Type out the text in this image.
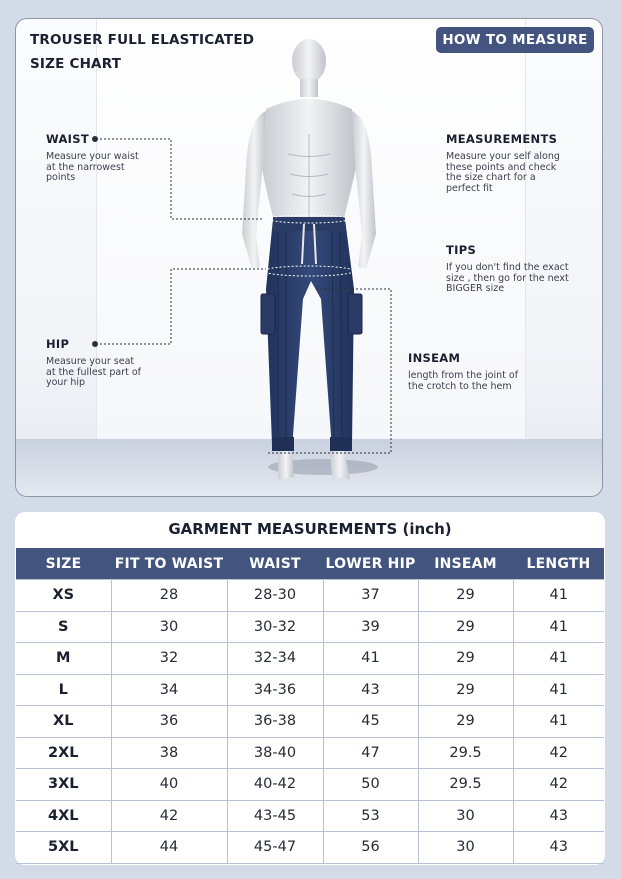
TROUSER FULL ELASTICATED
SIZE CHART
HOW TO MEASURE
WAIST
Measure your waist
at the narrowest
points
HIP
Measure your seat
at the fullest part of
your hip
MEASUREMENTS
Measure your self along
these points and check
the size chart for a
perfect fit
TIPS
If you don't find the exact
size , then go for the next
BIGGER size
INSEAM
length from the joint of
the crotch to the hem
GARMENT MEASUREMENTS (inch)
SIZE	FIT TO WAIST	WAIST	LOWER HIP	INSEAM	LENGTH
XS	28	28-30	37	29	41
S	30	30-32	39	29	41
M	32	32-34	41	29	41
L	34	34-36	43	29	41
XL	36	36-38	45	29	41
2XL	38	38-40	47	29.5	42
3XL	40	40-42	50	29.5	42
4XL	42	43-45	53	30	43
5XL	44	45-47	56	30	43
